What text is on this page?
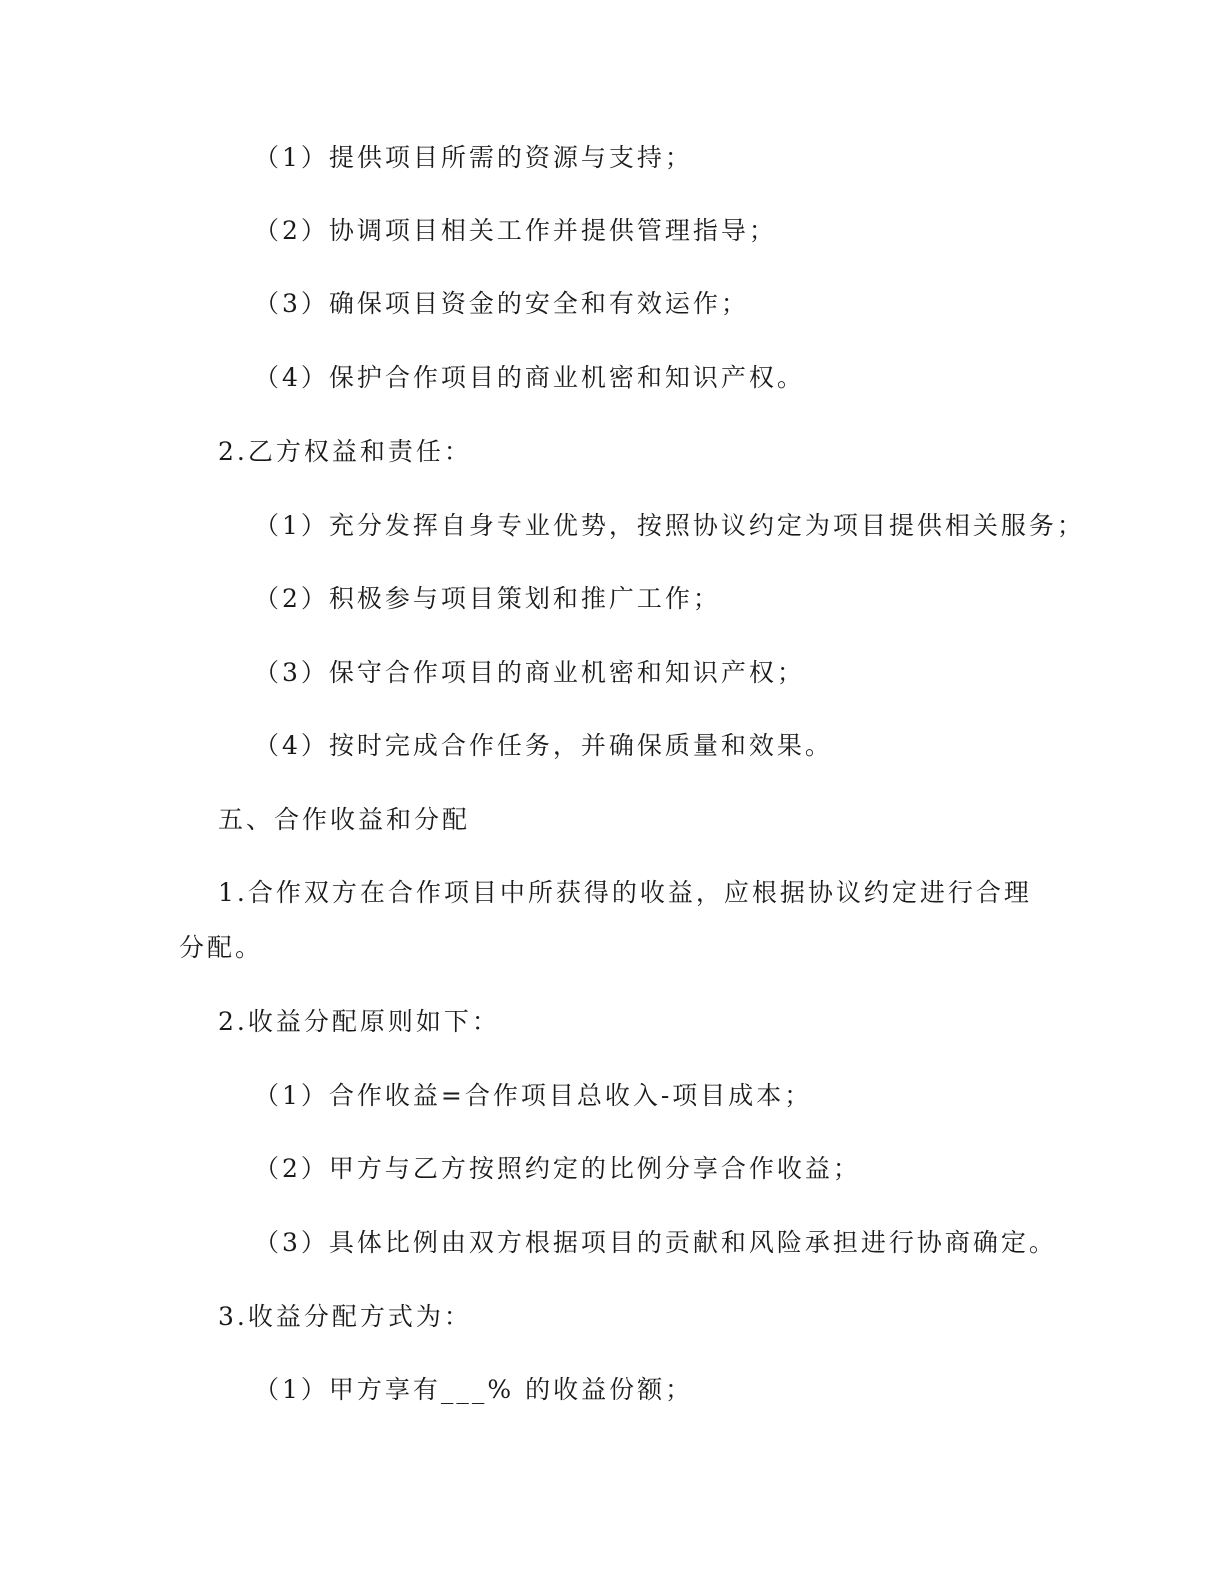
（1）提供项目所需的资源与支持；
（2）协调项目相关工作并提供管理指导；
（3）确保项目资金的安全和有效运作；
（4）保护合作项目的商业机密和知识产权。
2.乙方权益和责任：
（1）充分发挥自身专业优势，按照协议约定为项目提供相关服务；
（2）积极参与项目策划和推广工作；
（3）保守合作项目的商业机密和知识产权；
（4）按时完成合作任务，并确保质量和效果。
五、合作收益和分配
1.合作双方在合作项目中所获得的收益，应根据协议约定进行合理
分配。
2.收益分配原则如下：
（1）合作收益=合作项目总收入-项目成本；
（2）甲方与乙方按照约定的比例分享合作收益；
（3）具体比例由双方根据项目的贡献和风险承担进行协商确定。
3.收益分配方式为：
（1）甲方享有___% 的收益份额；
